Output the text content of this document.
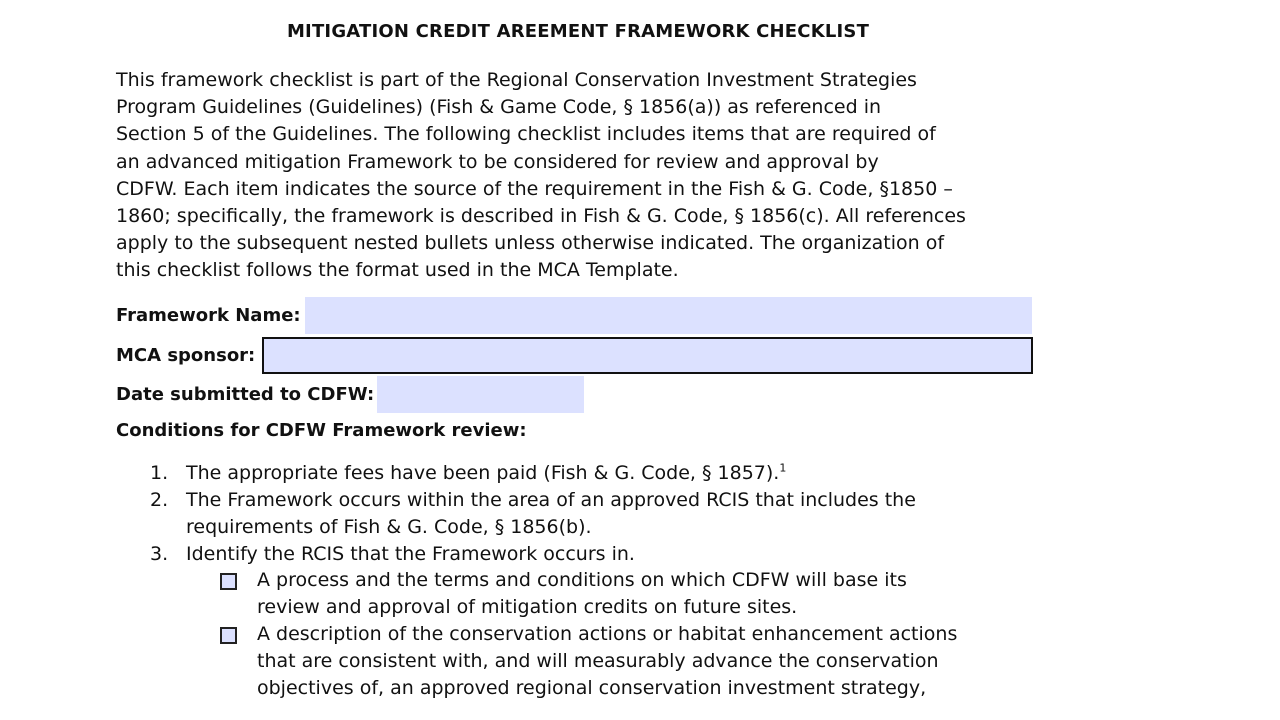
MITIGATION CREDIT AREEMENT FRAMEWORK CHECKLIST
This framework checklist is part of the Regional Conservation Investment Strategies
Program Guidelines (Guidelines) (Fish & Game Code, § 1856(a)) as referenced in
Section 5 of the Guidelines. The following checklist includes items that are required of
an advanced mitigation Framework to be considered for review and approval by
CDFW. Each item indicates the source of the requirement in the Fish & G. Code, §1850 –
1860; specifically, the framework is described in Fish & G. Code, § 1856(c). All references
apply to the subsequent nested bullets unless otherwise indicated. The organization of
this checklist follows the format used in the MCA Template.
Framework Name:
MCA sponsor:
Date submitted to CDFW:
Conditions for CDFW Framework review:
1. The appropriate fees have been paid (Fish & G. Code, § 1857).$^1$
2. The Framework occurs within the area of an approved RCIS that includes the
requirements of Fish & G. Code, § 1856(b).
3. Identify the RCIS that the Framework occurs in.
A process and the terms and conditions on which CDFW will base its
review and approval of mitigation credits on future sites.
A description of the conservation actions or habitat enhancement actions
that are consistent with, and will measurably advance the conservation
objectives of, an approved regional conservation investment strategy,
